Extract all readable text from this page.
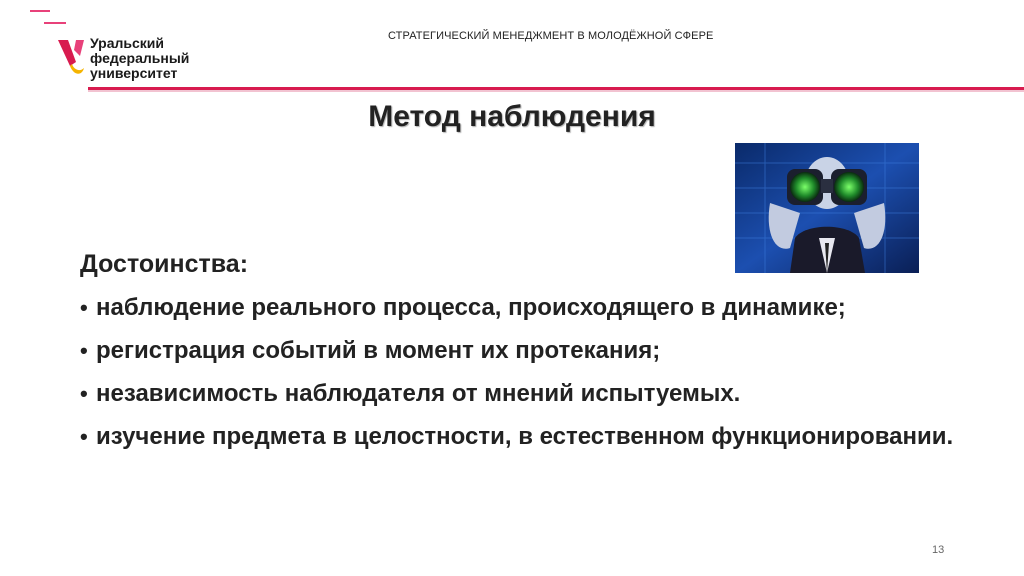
Уральский
федеральный
университет
СТРАТЕГИЧЕСКИЙ МЕНЕДЖМЕНТ В МОЛОДЁЖНОЙ СФЕРЕ
Метод наблюдения
Достоинства:
• наблюдение реального процесса, происходящего в динамике;
• регистрация событий в момент их протекания;
• независимость наблюдателя от мнений испытуемых.
• изучение предмета в целостности, в естественном функционировании.
13
